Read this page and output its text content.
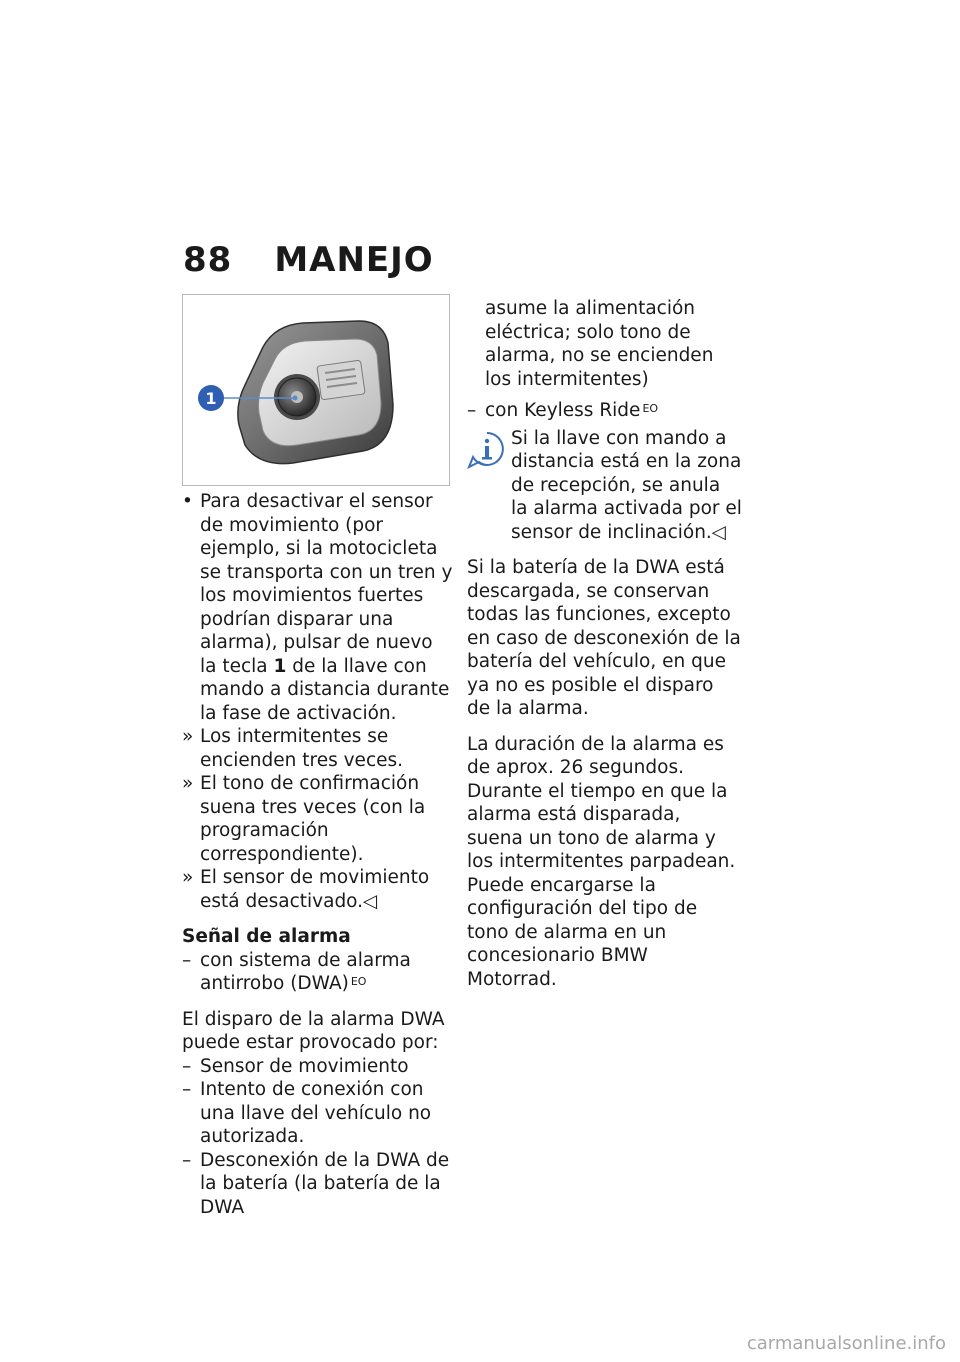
88 MANEJO
1
• Para desactivar el sensor de movimiento (por ejemplo, si la motocicleta se transporta con un tren y los movimientos fuertes podrían disparar una alarma), pulsar de nuevo la tecla 1 de la llave con mando a distancia durante la fase de activación.
» Los intermitentes se encienden tres veces.
» El tono de confirmación suena tres veces (con la programación correspondiente).
» El sensor de movimiento está desactivado.◁

Señal de alarma

– con sistema de alarma antirrobo (DWA) $^{EO}$

El disparo de la alarma DWA puede estar provocado por:

– Sensor de movimiento
– Intento de conexión con una llave del vehículo no autorizada.
– Desconexión de la DWA de la batería (la batería de la DWA
asume la alimentación eléctrica; solo tono de alarma, no se encienden los intermitentes)
– con Keyless Ride $^{EO}$
Si la llave con mando a distancia está en la zona de recepción, se anula la alarma activada por el sensor de inclinación.◁

Si la batería de la DWA está descargada, se conservan todas las funciones, excepto en caso de desconexión de la batería del vehículo, en que ya no es posible el disparo de la alarma.

La duración de la alarma es de aprox. 26 segundos. Durante el tiempo en que la alarma está disparada, suena un tono de alarma y los intermitentes parpadean. Puede encargarse la configuración del tipo de tono de alarma en un concesionario BMW Motorrad.

carmanualsonline.info
